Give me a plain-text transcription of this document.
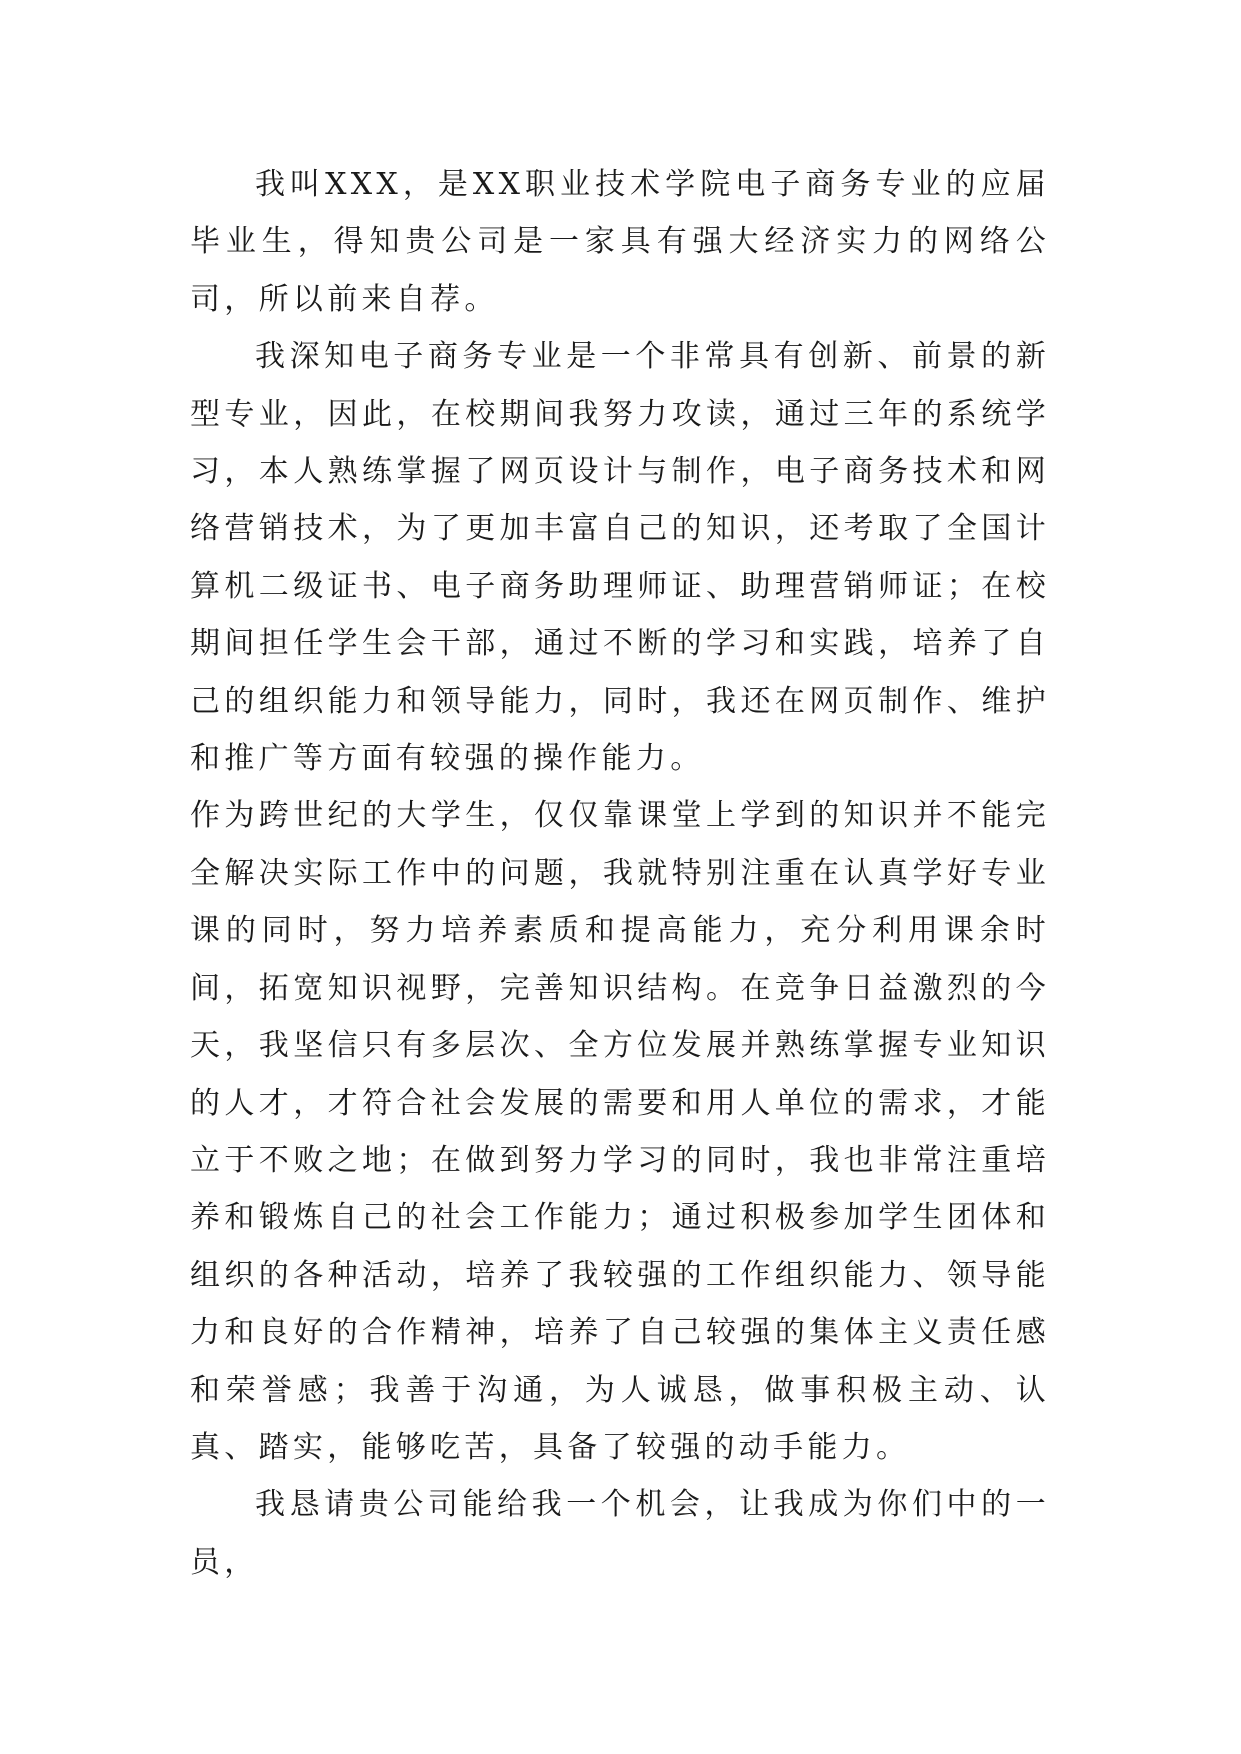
我叫XXX，是XX职业技术学院电子商务专业的应届毕业生，得知贵公司是一家具有强大经济实力的网络公司，所以前来自荐。

我深知电子商务专业是一个非常具有创新、前景的新型专业，因此，在校期间我努力攻读，通过三年的系统学习，本人熟练掌握了网页设计与制作，电子商务技术和网络营销技术，为了更加丰富自己的知识，还考取了全国计算机二级证书、电子商务助理师证、助理营销师证；在校期间担任学生会干部，通过不断的学习和实践，培养了自己的组织能力和领导能力，同时，我还在网页制作、维护和推广等方面有较强的操作能力。

作为跨世纪的大学生，仅仅靠课堂上学到的知识并不能完全解决实际工作中的问题，我就特别注重在认真学好专业课的同时，努力培养素质和提高能力，充分利用课余时间，拓宽知识视野，完善知识结构。在竞争日益激烈的今天，我坚信只有多层次、全方位发展并熟练掌握专业知识的人才，才符合社会发展的需要和用人单位的需求，才能立于不败之地；在做到努力学习的同时，我也非常注重培养和锻炼自己的社会工作能力；通过积极参加学生团体和组织的各种活动，培养了我较强的工作组织能力、领导能力和良好的合作精神，培养了自己较强的集体主义责任感和荣誉感；我善于沟通，为人诚恳，做事积极主动、认真、踏实，能够吃苦，具备了较强的动手能力。

我恳请贵公司能给我一个机会，让我成为你们中的一员，
